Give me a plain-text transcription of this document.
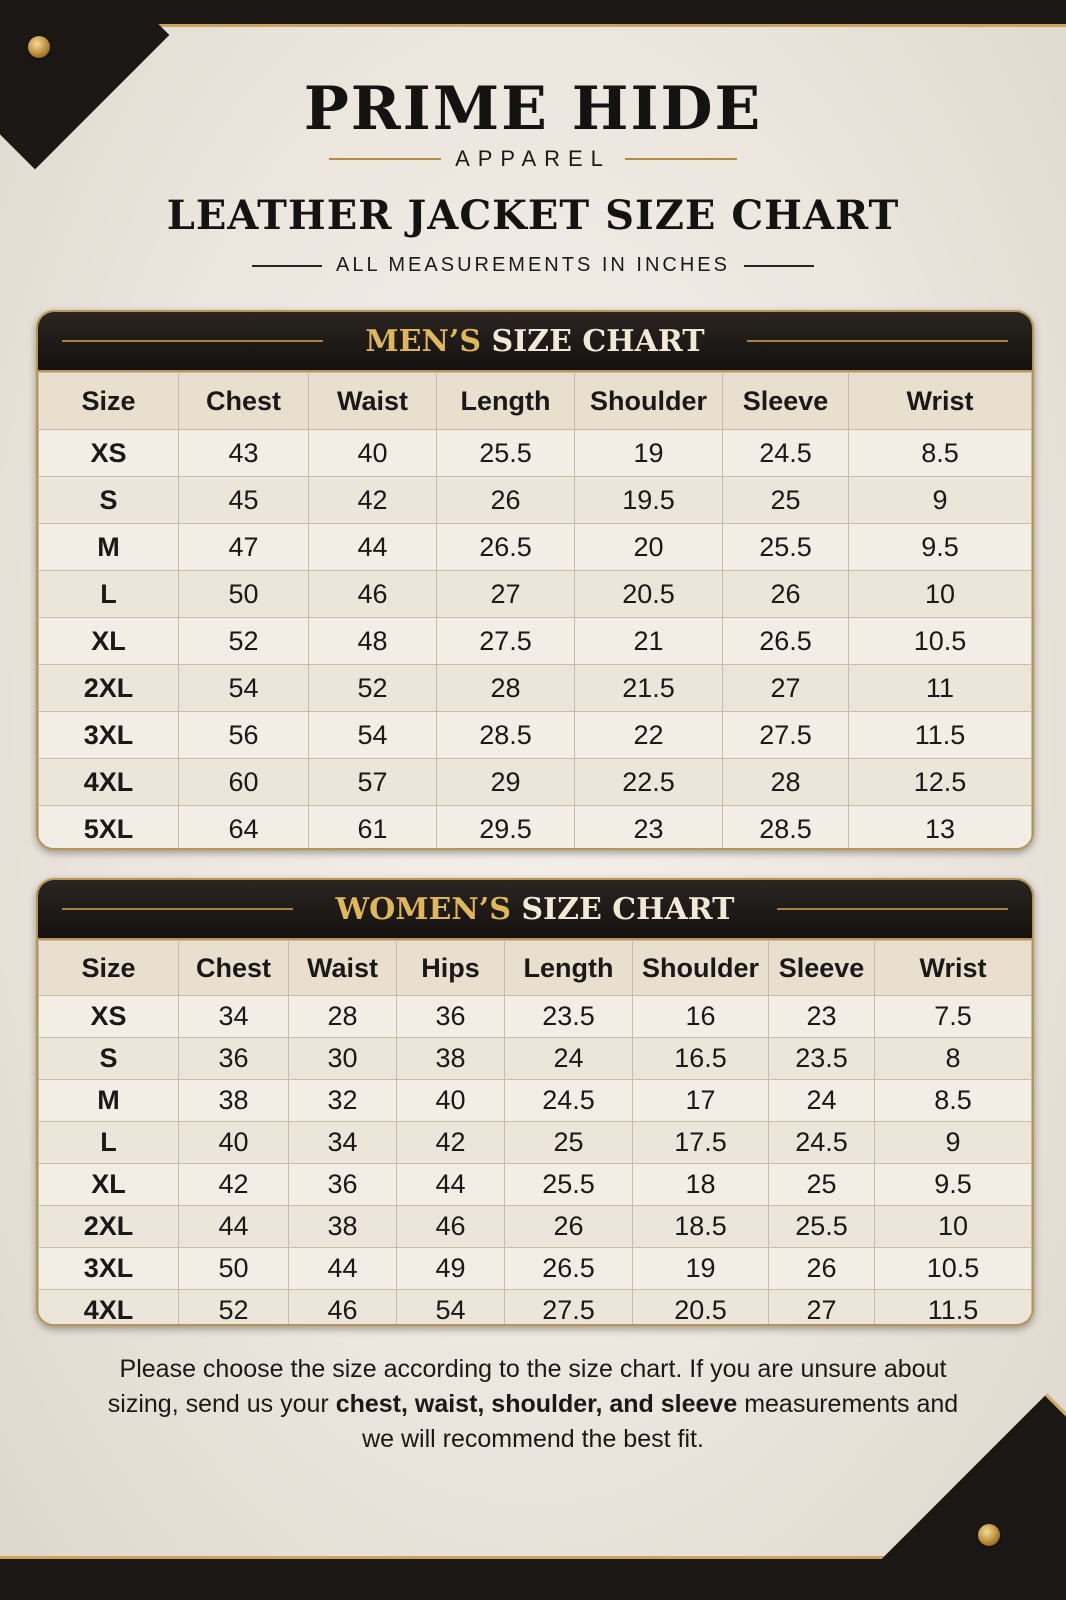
PRIME HIDE
APPAREL
LEATHER JACKET SIZE CHART
ALL MEASUREMENTS IN INCHES
MEN’S SIZE CHART
Size	Chest	Waist	Length	Shoulder	Sleeve	Wrist
XS	43	40	25.5	19	24.5	8.5
S	45	42	26	19.5	25	9
M	47	44	26.5	20	25.5	9.5
L	50	46	27	20.5	26	10
XL	52	48	27.5	21	26.5	10.5
2XL	54	52	28	21.5	27	11
3XL	56	54	28.5	22	27.5	11.5
4XL	60	57	29	22.5	28	12.5
5XL	64	61	29.5	23	28.5	13
WOMEN’S SIZE CHART
Size	Chest	Waist	Hips	Length	Shoulder	Sleeve	Wrist
XS	34	28	36	23.5	16	23	7.5
S	36	30	38	24	16.5	23.5	8
M	38	32	40	24.5	17	24	8.5
L	40	34	42	25	17.5	24.5	9
XL	42	36	44	25.5	18	25	9.5
2XL	44	38	46	26	18.5	25.5	10
3XL	50	44	49	26.5	19	26	10.5
4XL	52	46	54	27.5	20.5	27	11.5
Please choose the size according to the size chart. If you are unsure about sizing, send us your chest, waist, shoulder, and sleeve measurements and we will recommend the best fit.
